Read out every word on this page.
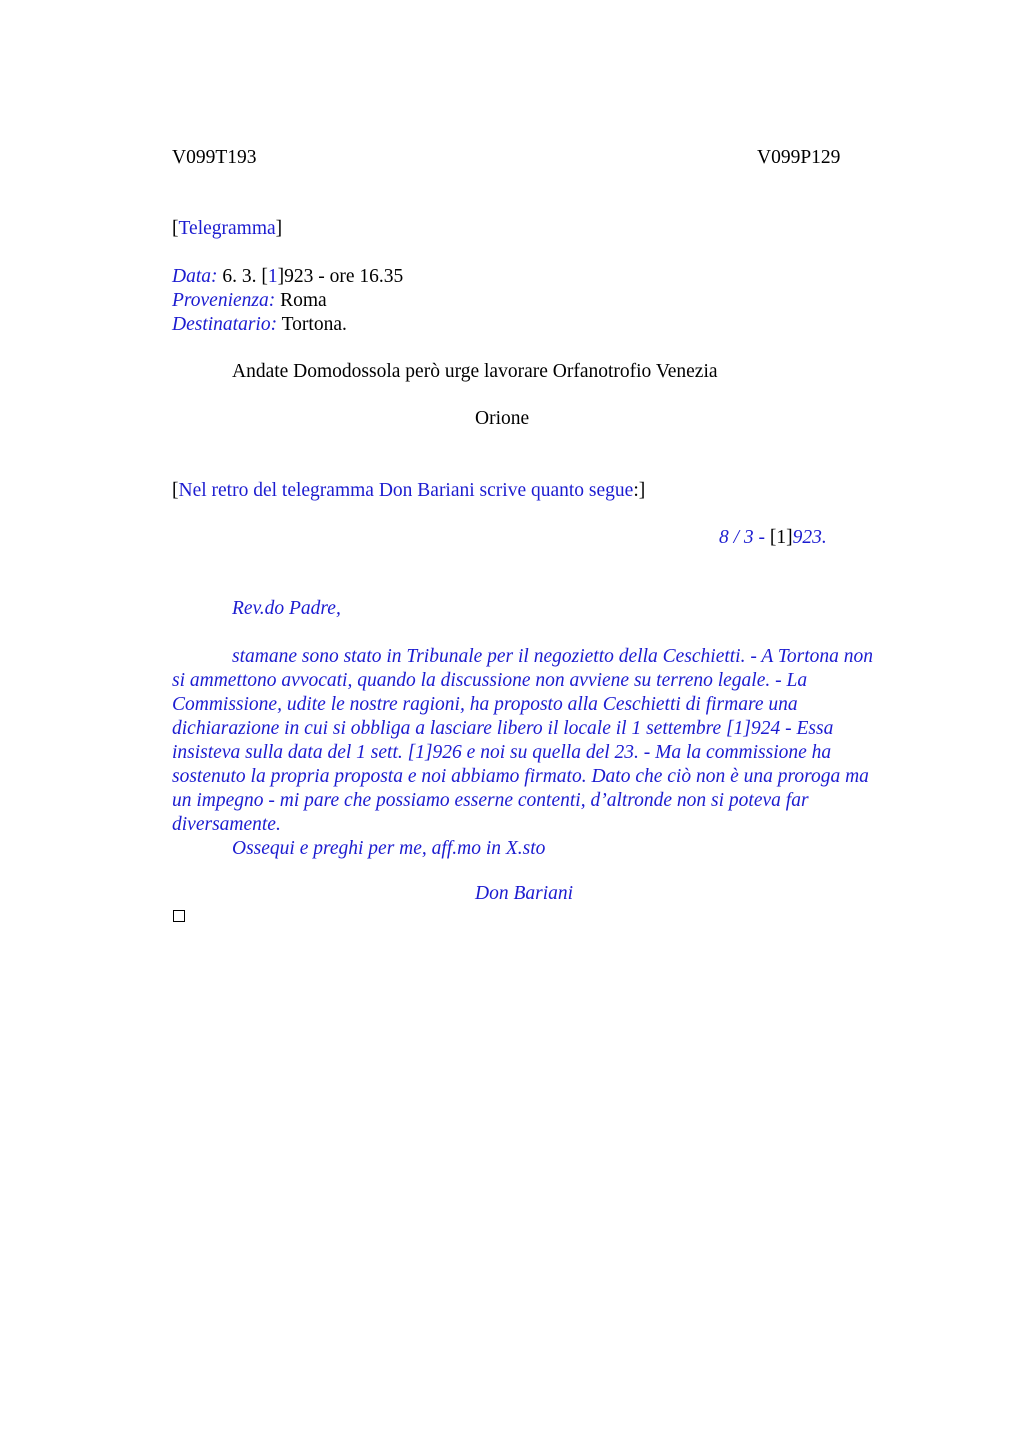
V099T193	V099P129
[Telegramma]
Data: 6. 3. [1]923 - ore 16.35
Provenienza: Roma
Destinatario: Tortona.
Andate Domodossola però urge lavorare Orfanotrofio Venezia
Orione
[Nel retro del telegramma Don Bariani scrive quanto segue:]
8 / 3 - [1]923.
Rev.do Padre,
stamane sono stato in Tribunale per il negozietto della Ceschietti. - A Tortona non
si ammettono avvocati, quando la discussione non avviene su terreno legale. - La
Commissione, udite le nostre ragioni, ha proposto alla Ceschietti di firmare una
dichiarazione in cui si obbliga a lasciare libero il locale il 1 settembre [1]924 - Essa
insisteva sulla data del 1 sett. [1]926 e noi su quella del 23. - Ma la commissione ha
sostenuto la propria proposta e noi abbiamo firmato. Dato che ciò non è una proroga ma
un impegno - mi pare che possiamo esserne contenti, d’altronde non si poteva far
diversamente.
Ossequi e preghi per me, aff.mo in X.sto
Don Bariani
